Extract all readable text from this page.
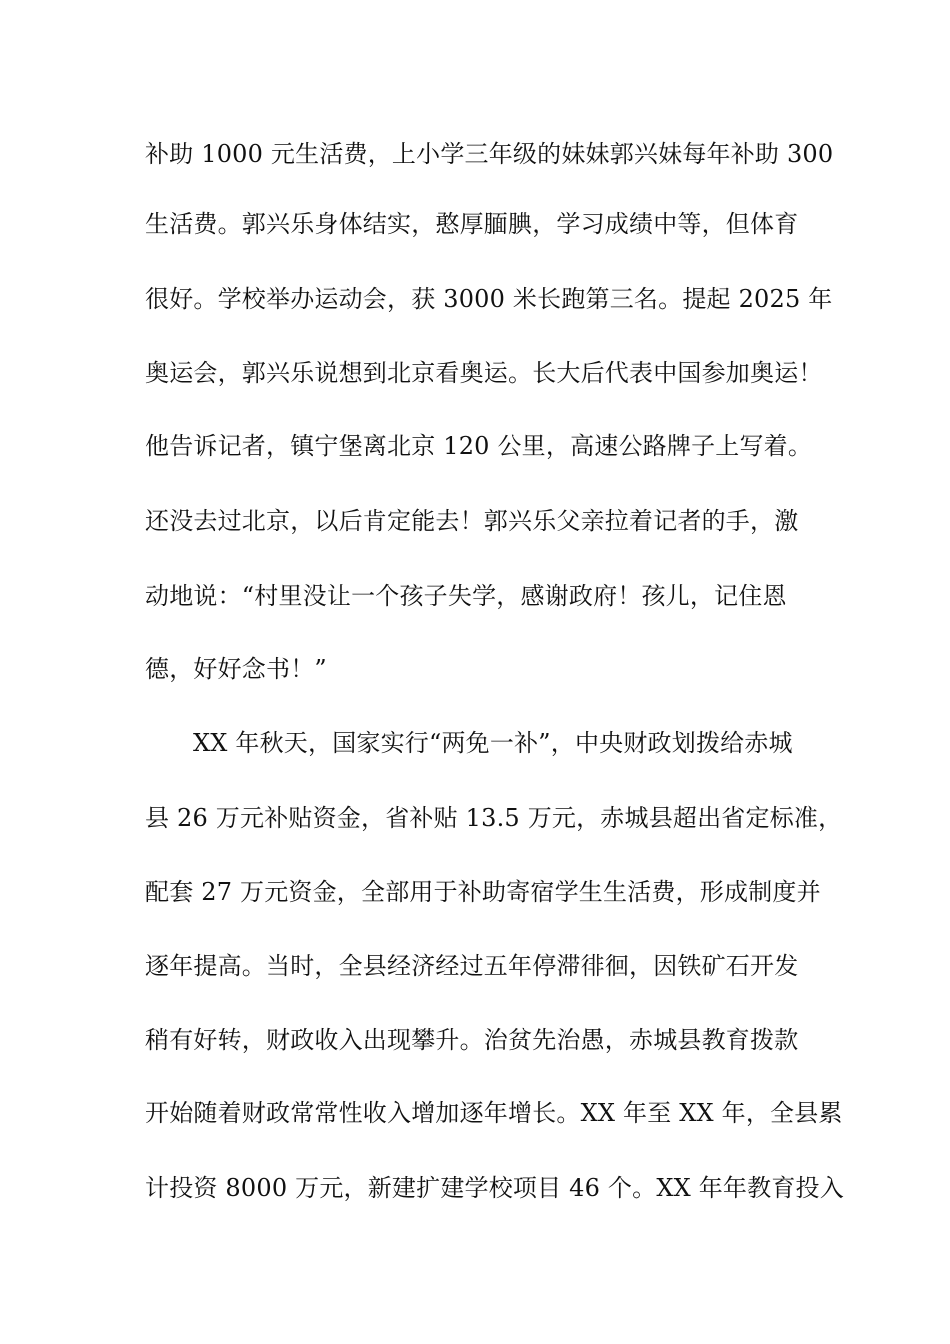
补助 1000 元生活费，上小学三年级的妹妹郭兴妹每年补助 300
生活费。郭兴乐身体结实，憨厚腼腆，学习成绩中等，但体育
很好。学校举办运动会，获 3000 米长跑第三名。提起 2025 年
奥运会，郭兴乐说想到北京看奥运。长大后代表中国参加奥运！
他告诉记者，镇宁堡离北京 120 公里，高速公路牌子上写着。
还没去过北京，以后肯定能去！郭兴乐父亲拉着记者的手，激
动地说：“村里没让一个孩子失学，感谢政府！孩儿，记住恩
德，好好念书！”
XX 年秋天，国家实行“两免一补”，中央财政划拨给赤城
县 26 万元补贴资金，省补贴 13.5 万元，赤城县超出省定标准，
配套 27 万元资金，全部用于补助寄宿学生生活费，形成制度并
逐年提高。当时，全县经济经过五年停滞徘徊，因铁矿石开发
稍有好转，财政收入出现攀升。治贫先治愚，赤城县教育拨款
开始随着财政常常性收入增加逐年增长。XX 年至 XX 年，全县累
计投资 8000 万元，新建扩建学校项目 46 个。XX 年年教育投入
